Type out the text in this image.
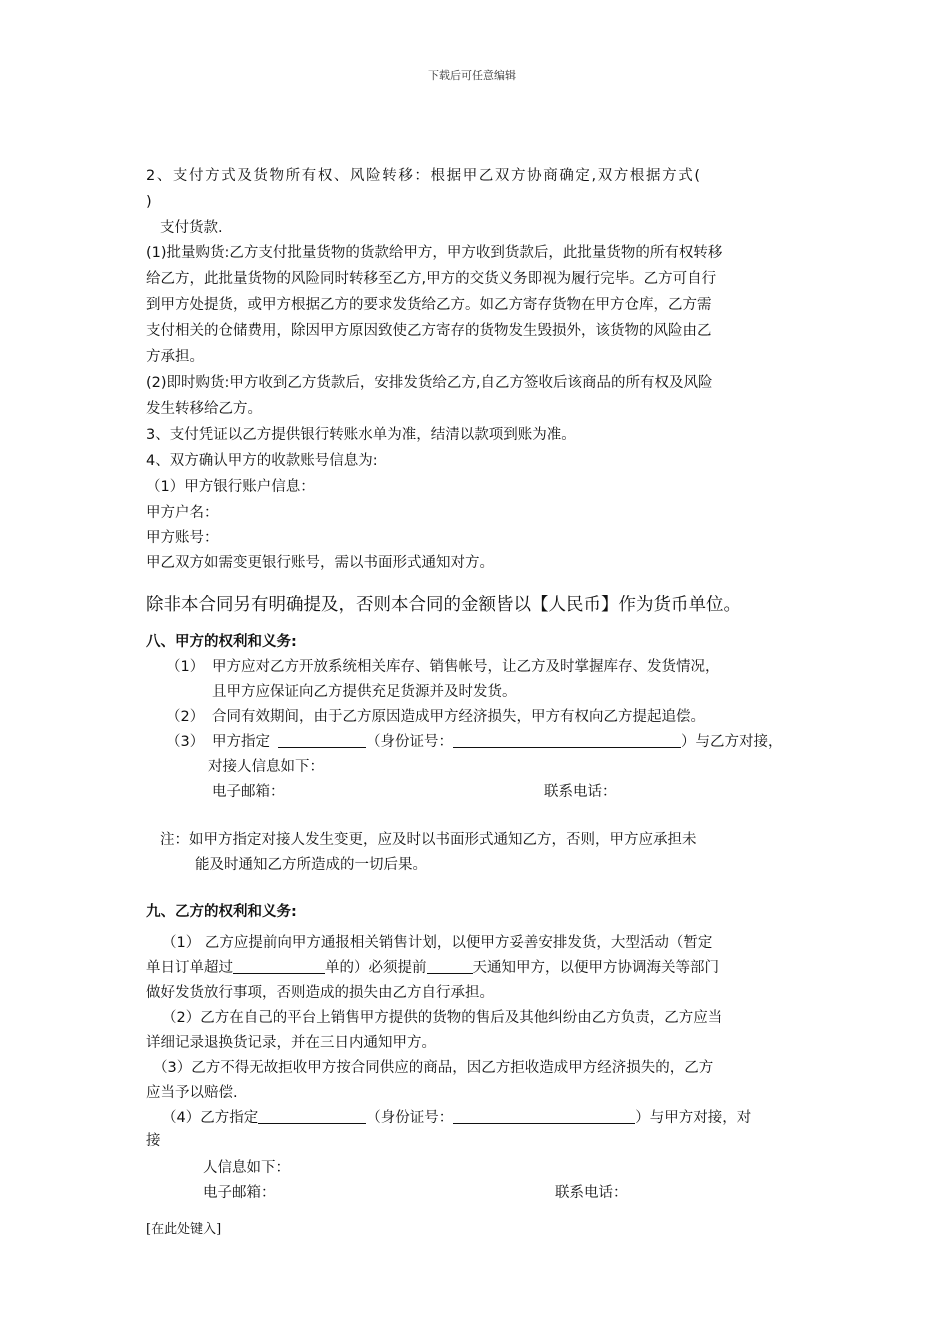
下载后可任意编辑
2、支付方式及货物所有权、风险转移：根据甲乙双方协商确定,双方根据方式(
)
支付货款.
(1)批量购货:乙方支付批量货物的货款给甲方，甲方收到货款后，此批量货物的所有权转移
给乙方，此批量货物的风险同时转移至乙方,甲方的交货义务即视为履行完毕。乙方可自行
到甲方处提货，或甲方根据乙方的要求发货给乙方。如乙方寄存货物在甲方仓库，乙方需
支付相关的仓储费用，除因甲方原因致使乙方寄存的货物发生毁损外，该货物的风险由乙
方承担。
(2)即时购货:甲方收到乙方货款后，安排发货给乙方,自乙方签收后该商品的所有权及风险
发生转移给乙方。
3、支付凭证以乙方提供银行转账水单为准，结清以款项到账为准。
4、双方确认甲方的收款账号信息为:
（1）甲方银行账户信息：
甲方户名：
甲方账号：
甲乙双方如需变更银行账号，需以书面形式通知对方。
除非本合同另有明确提及，否则本合同的金额皆以【人民币】作为货币单位。
八、甲方的权利和义务:
（1） 甲方应对乙方开放系统相关库存、销售帐号，让乙方及时掌握库存、发货情况，
且甲方应保证向乙方提供充足货源并及时发货。
（2） 合同有效期间，由于乙方原因造成甲方经济损失，甲方有权向乙方提起追偿。
（3） 甲方指定	（身份证号：	）与乙方对接，
对接人信息如下：
电子邮箱：	联系电话：
注：如甲方指定对接人发生变更，应及时以书面形式通知乙方，否则，甲方应承担未
能及时通知乙方所造成的一切后果。
九、乙方的权利和义务:
（1） 乙方应提前向甲方通报相关销售计划，以便甲方妥善安排发货，大型活动（暂定
单日订单超过	单的）必须提前	天通知甲方，以便甲方协调海关等部门
做好发货放行事项，否则造成的损失由乙方自行承担。
（2）乙方在自己的平台上销售甲方提供的货物的售后及其他纠纷由乙方负责，乙方应当
详细记录退换货记录，并在三日内通知甲方。
（3）乙方不得无故拒收甲方按合同供应的商品，因乙方拒收造成甲方经济损失的，乙方
应当予以赔偿.
（4）乙方指定	（身份证号：	）与甲方对接，对
接
人信息如下：
电子邮箱：	联系电话：
[在此处键入]
